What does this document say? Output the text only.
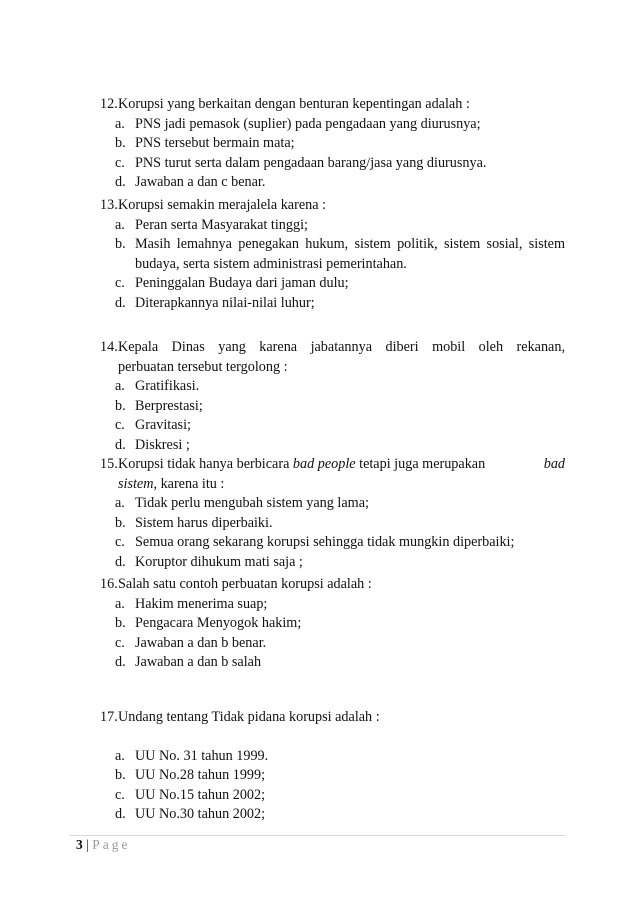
12. Korupsi yang berkaitan dengan benturan kepentingan adalah :
a. PNS jadi pemasok (suplier) pada pengadaan yang diurusnya;
b. PNS tersebut bermain mata;
c. PNS turut serta dalam pengadaan barang/jasa yang diurusnya.
d. Jawaban a dan c benar.
13. Korupsi semakin merajalela karena :
a. Peran serta Masyarakat tinggi;
b. Masih lemahnya penegakan hukum, sistem politik, sistem sosial, sistem
budaya, serta sistem administrasi pemerintahan.
c. Peninggalan Budaya dari jaman dulu;
d. Diterapkannya nilai-nilai luhur;
14. Kepala Dinas yang karena jabatannya diberi mobil oleh rekanan,
perbuatan tersebut tergolong :
a. Gratifikasi.
b. Berprestasi;
c. Gravitasi;
d. Diskresi ;
15. Korupsi tidak hanya berbicara bad people tetapi juga merupakan	bad
sistem, karena itu :
a. Tidak perlu mengubah sistem yang lama;
b. Sistem harus diperbaiki.
c. Semua orang sekarang korupsi sehingga tidak mungkin diperbaiki;
d. Koruptor dihukum mati saja ;
16. Salah satu contoh perbuatan korupsi adalah :
a. Hakim menerima suap;
b. Pengacara Menyogok hakim;
c. Jawaban a dan b benar.
d. Jawaban a dan b salah
17. Undang tentang Tidak pidana korupsi adalah :
a. UU No. 31 tahun 1999.
b. UU No.28 tahun 1999;
c. UU No.15 tahun 2002;
d. UU No.30 tahun 2002;
3 | Page
